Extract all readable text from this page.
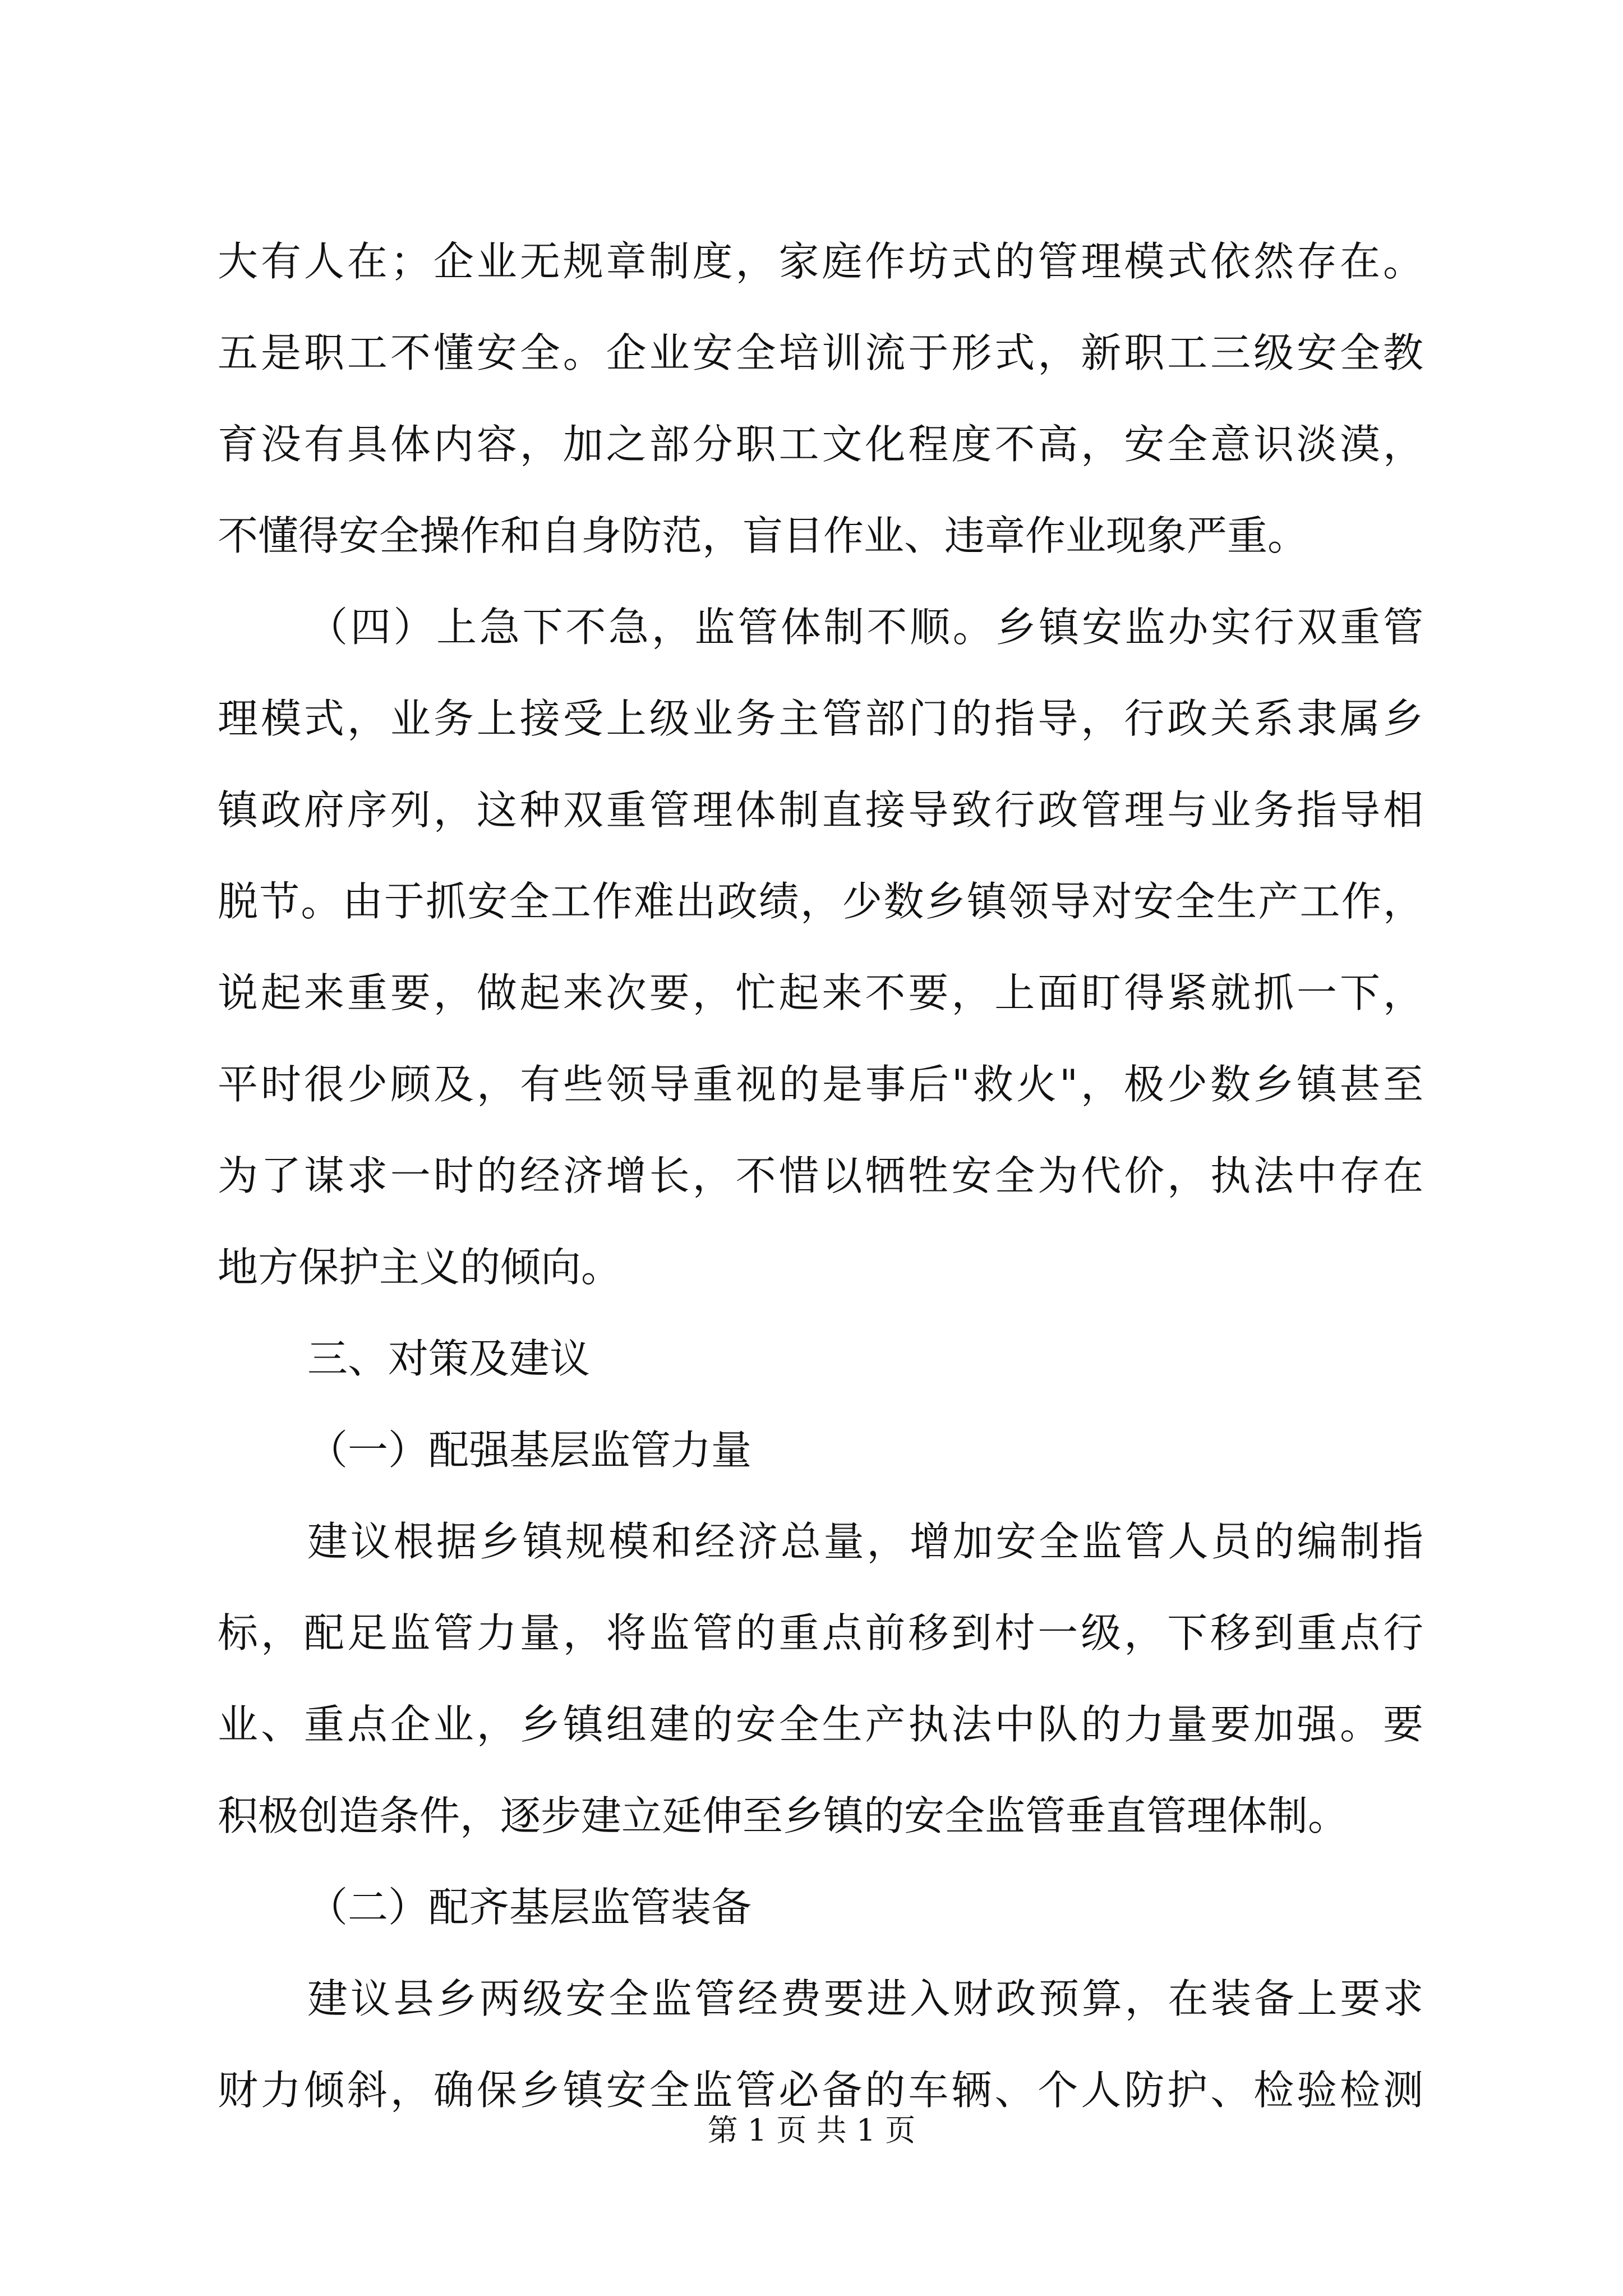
大有人在；企业无规章制度，家庭作坊式的管理模式依然存在。
五是职工不懂安全。企业安全培训流于形式，新职工三级安全教
育没有具体内容，加之部分职工文化程度不高，安全意识淡漠，
不懂得安全操作和自身防范，盲目作业、违章作业现象严重。
（四）上急下不急，监管体制不顺。乡镇安监办实行双重管
理模式，业务上接受上级业务主管部门的指导，行政关系隶属乡
镇政府序列，这种双重管理体制直接导致行政管理与业务指导相
脱节。由于抓安全工作难出政绩，少数乡镇领导对安全生产工作，
说起来重要，做起来次要，忙起来不要，上面盯得紧就抓一下，
平时很少顾及，有些领导重视的是事后"救火"，极少数乡镇甚至
为了谋求一时的经济增长，不惜以牺牲安全为代价，执法中存在
地方保护主义的倾向。
三、对策及建议
（一）配强基层监管力量
建议根据乡镇规模和经济总量，增加安全监管人员的编制指
标，配足监管力量，将监管的重点前移到村一级，下移到重点行
业、重点企业，乡镇组建的安全生产执法中队的力量要加强。要
积极创造条件，逐步建立延伸至乡镇的安全监管垂直管理体制。
（二）配齐基层监管装备
建议县乡两级安全监管经费要进入财政预算，在装备上要求
财力倾斜，确保乡镇安全监管必备的车辆、个人防护、检验检测
第 1 页 共 1 页
